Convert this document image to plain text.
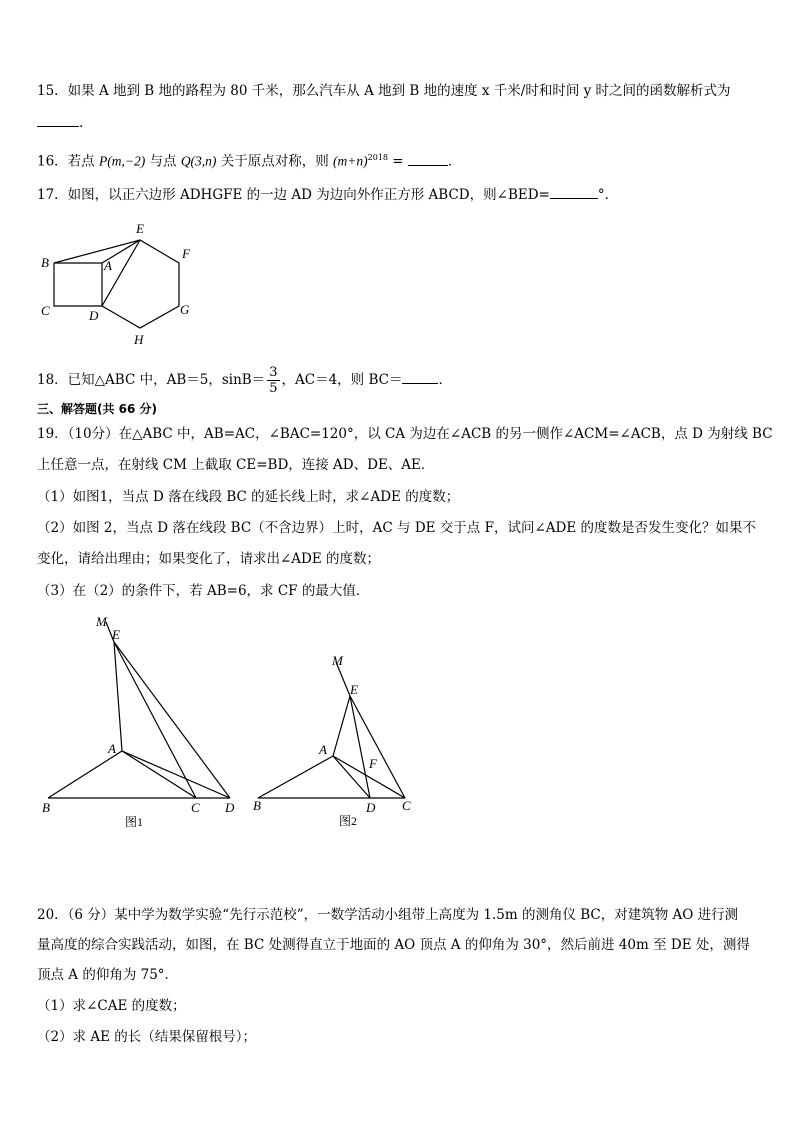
15．如果 A 地到 B 地的路程为 80 千米，那么汽车从 A 地到 B 地的速度 x 千米/时和时间 y 时之间的函数解析式为
.
16．若点 P(m,−2) 与点 Q(3,n) 关于原点对称，则 $(m+n)^{2018}$ =	．
17．如图，以正六边形 ADHGFE 的一边 AD 为边向外作正方形 ABCD，则∠BED=	°.
E
F
B	A
C	D	G
H
18．已知△ABC 中，AB＝5，$\sin B= \frac{3}{5}$ ，AC＝4，则 BC＝	．
三、解答题(共 66 分)
19．（10分）在△ABC 中，AB=AC，∠BAC=120°，以 CA 为边在∠ACB 的另一侧作∠ACM=∠ACB，点 D 为射线 BC
上任意一点，在射线 CM 上截取 CE=BD，连接 AD、DE、AE．
（1）如图1，当点 D 落在线段 BC 的延长线上时，求∠ADE 的度数；
（2）如图 2，当点 D 落在线段 BC（不含边界）上时，AC 与 DE 交于点 F，试问∠ADE 的度数是否发生变化？如果不
变化，请给出理由；如果变化了，请求出∠ADE 的度数；
（3）在（2）的条件下，若 AB=6，求 CF 的最大值．
M
E
A
B	C D
图1
M
E
A
F
B	D C
图2
20．（6 分）某中学为数学实验“先行示范校”，一数学活动小组带上高度为 1.5m 的测角仪 BC，对建筑物 AO 进行测
量高度的综合实践活动，如图，在 BC 处测得直立于地面的 AO 顶点 A 的仰角为 30°，然后前进 40m 至 DE 处，测得
顶点 A 的仰角为 75°．
（1）求∠CAE 的度数；
（2）求 AE 的长（结果保留根号）；
